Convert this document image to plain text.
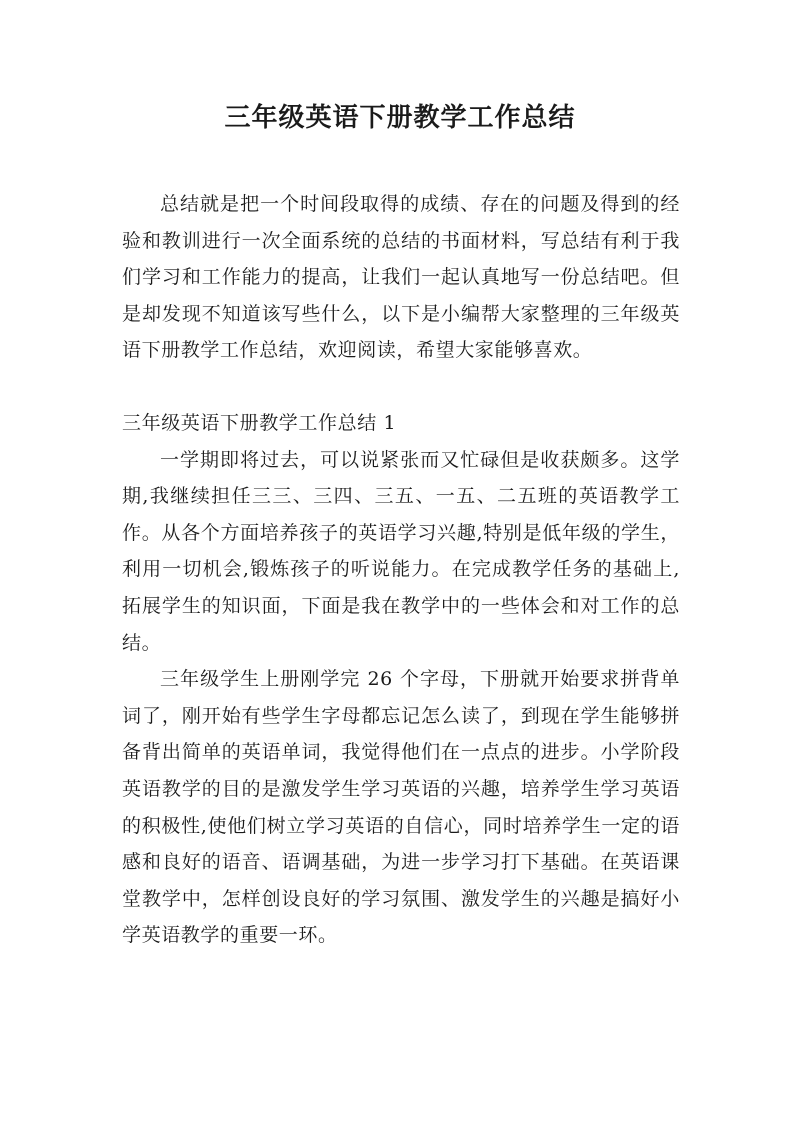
三年级英语下册教学工作总结

总结就是把一个时间段取得的成绩、存在的问题及得到的经验和教训进行一次全面系统的总结的书面材料，写总结有利于我们学习和工作能力的提高，让我们一起认真地写一份总结吧。但是却发现不知道该写些什么，以下是小编帮大家整理的三年级英语下册教学工作总结，欢迎阅读，希望大家能够喜欢。

三年级英语下册教学工作总结 1

一学期即将过去，可以说紧张而又忙碌但是收获颇多。这学期,我继续担任三三、三四、三五、一五、二五班的英语教学工作。从各个方面培养孩子的英语学习兴趣,特别是低年级的学生，利用一切机会,锻炼孩子的听说能力。在完成教学任务的基础上,拓展学生的知识面，下面是我在教学中的一些体会和对工作的总结。

三年级学生上册刚学完 26 个字母，下册就开始要求拼背单词了，刚开始有些学生字母都忘记怎么读了，到现在学生能够拼备背出简单的英语单词，我觉得他们在一点点的进步。小学阶段英语教学的目的是激发学生学习英语的兴趣，培养学生学习英语的积极性,使他们树立学习英语的自信心，同时培养学生一定的语感和良好的语音、语调基础，为进一步学习打下基础。在英语课堂教学中，怎样创设良好的学习氛围、激发学生的兴趣是搞好小学英语教学的重要一环。
